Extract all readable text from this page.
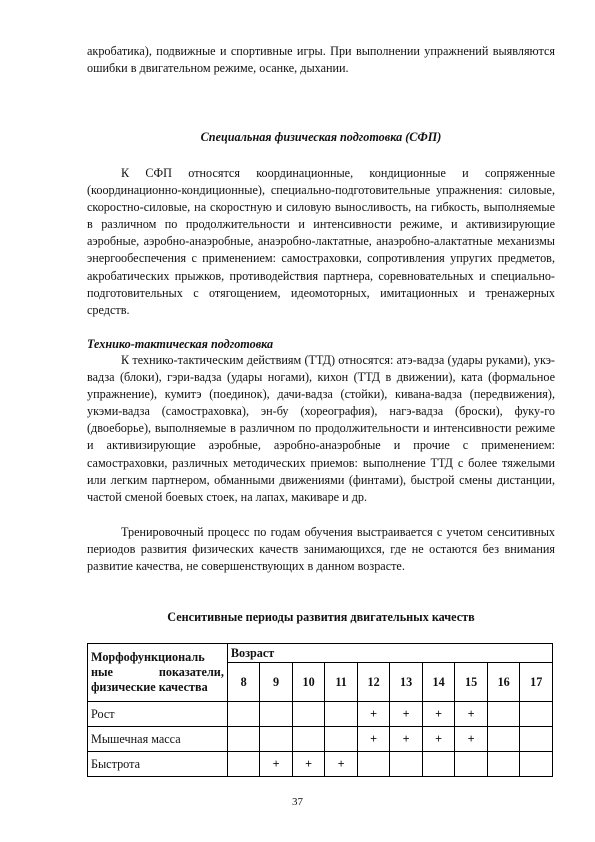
акробатика), подвижные и спортивные игры. При выполнении упражнений выявляются ошибки в двигательном режиме, осанке, дыхании.

Специальная физическая подготовка (СФП)

К СФП относятся координационные, кондиционные и сопряженные (координационно-кондиционные), специально-подготовительные упражнения: силовые, скоростно-силовые, на скоростную и силовую выносливость, на гибкость, выполняемые в различном по продолжительности и интенсивности режиме, и активизирующие аэробные, аэробно-анаэробные, анаэробно-лактатные, анаэробно-алактатные механизмы энергообеспечения с применением: самостраховки, сопротивления упругих предметов, акробатических прыжков, противодействия партнера, соревновательных и специально-подготовительных с отягощением, идеомоторных, имитационных и тренажерных средств.

Технико-тактическая подготовка

К технико-тактическим действиям (ТТД) относятся: атэ-вадза (удары руками), укэ-вадза (блоки), гэри-вадза (удары ногами), кихон (ТТД в движении), ката (формальное упражнение), кумитэ (поединок), дачи-вадза (стойки), кивана-вадза (передвижения), укэми-вадза (самостраховка), эн-бу (хореография), нагэ-вадза (броски), фуку-го (двоеборье), выполняемые в различном по продолжительности и интенсивности режиме и активизирующие аэробные, аэробно-анаэробные и прочие с применением: самостраховки, различных методических приемов: выполнение ТТД с более тяжелыми или легким партнером, обманными движениями (финтами), быстрой смены дистанции, частой сменой боевых стоек, на лапах, макиваре и др.

Тренировочный процесс по годам обучения выстраивается с учетом сенситивных периодов развития физических качеств занимающихся, где не остаются без внимания развитие качества, не совершенствующих в данном возрасте.

Сенситивные периоды развития двигательных качеств

Морфофункциональ ные показатели, физические качества	Возраст									
	8	9	10	11	12	13	14	15	16	17
Рост					+	+	+	+		
Мышечная масса					+	+	+	+		
Быстрота		+	+	+						
37
